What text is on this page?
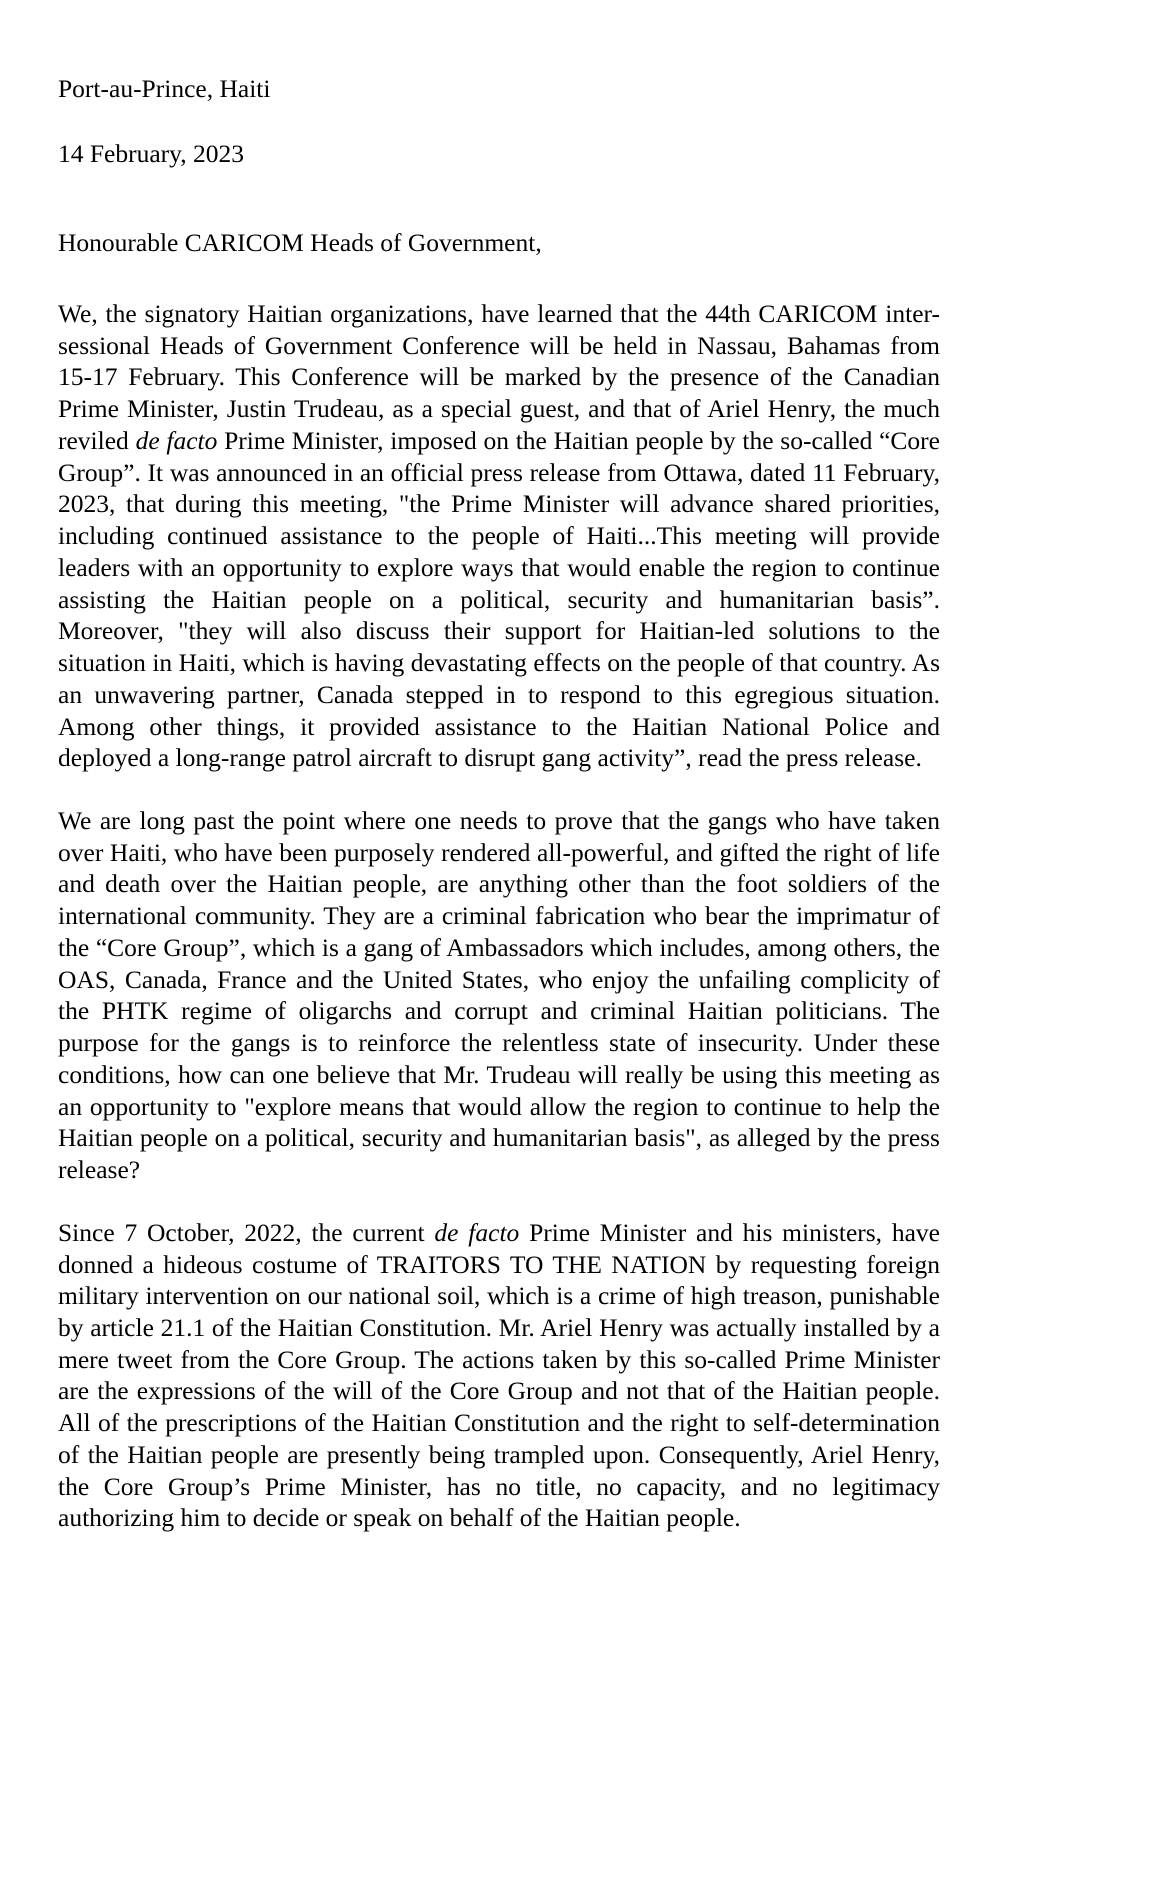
Port-au-Prince, Haiti
14 February, 2023
Honourable CARICOM Heads of Government,

We, the signatory Haitian organizations, have learned that the 44th CARICOM inter-sessional Heads of Government Conference will be held in Nassau, Bahamas from 15-17 February. This Conference will be marked by the presence of the Canadian Prime Minister, Justin Trudeau, as a special guest, and that of Ariel Henry, the much reviled de facto Prime Minister, imposed on the Haitian people by the so-called “Core Group”. It was announced in an official press release from Ottawa, dated 11 February, 2023, that during this meeting, "the Prime Minister will advance shared priorities, including continued assistance to the people of Haiti...This meeting will provide leaders with an opportunity to explore ways that would enable the region to continue assisting the Haitian people on a political, security and humanitarian basis”. Moreover, "they will also discuss their support for Haitian-led solutions to the situation in Haiti, which is having devastating effects on the people of that country. As an unwavering partner, Canada stepped in to respond to this egregious situation. Among other things, it provided assistance to the Haitian National Police and deployed a long-range patrol aircraft to disrupt gang activity”, read the press release.

We are long past the point where one needs to prove that the gangs who have taken over Haiti, who have been purposely rendered all-powerful, and gifted the right of life and death over the Haitian people, are anything other than the foot soldiers of the international community. They are a criminal fabrication who bear the imprimatur of the “Core Group”, which is a gang of Ambassadors which includes, among others, the OAS, Canada, France and the United States, who enjoy the unfailing complicity of the PHTK regime of oligarchs and corrupt and criminal Haitian politicians. The purpose for the gangs is to reinforce the relentless state of insecurity. Under these conditions, how can one believe that Mr. Trudeau will really be using this meeting as an opportunity to "explore means that would allow the region to continue to help the Haitian people on a political, security and humanitarian basis", as alleged by the press release?

Since 7 October, 2022, the current de facto Prime Minister and his ministers, have donned a hideous costume of TRAITORS TO THE NATION by requesting foreign military intervention on our national soil, which is a crime of high treason, punishable by article 21.1 of the Haitian Constitution. Mr. Ariel Henry was actually installed by a mere tweet from the Core Group. The actions taken by this so-called Prime Minister are the expressions of the will of the Core Group and not that of the Haitian people. All of the prescriptions of the Haitian Constitution and the right to self-determination of the Haitian people are presently being trampled upon. Consequently, Ariel Henry, the Core Group’s Prime Minister, has no title, no capacity, and no legitimacy authorizing him to decide or speak on behalf of the Haitian people.
